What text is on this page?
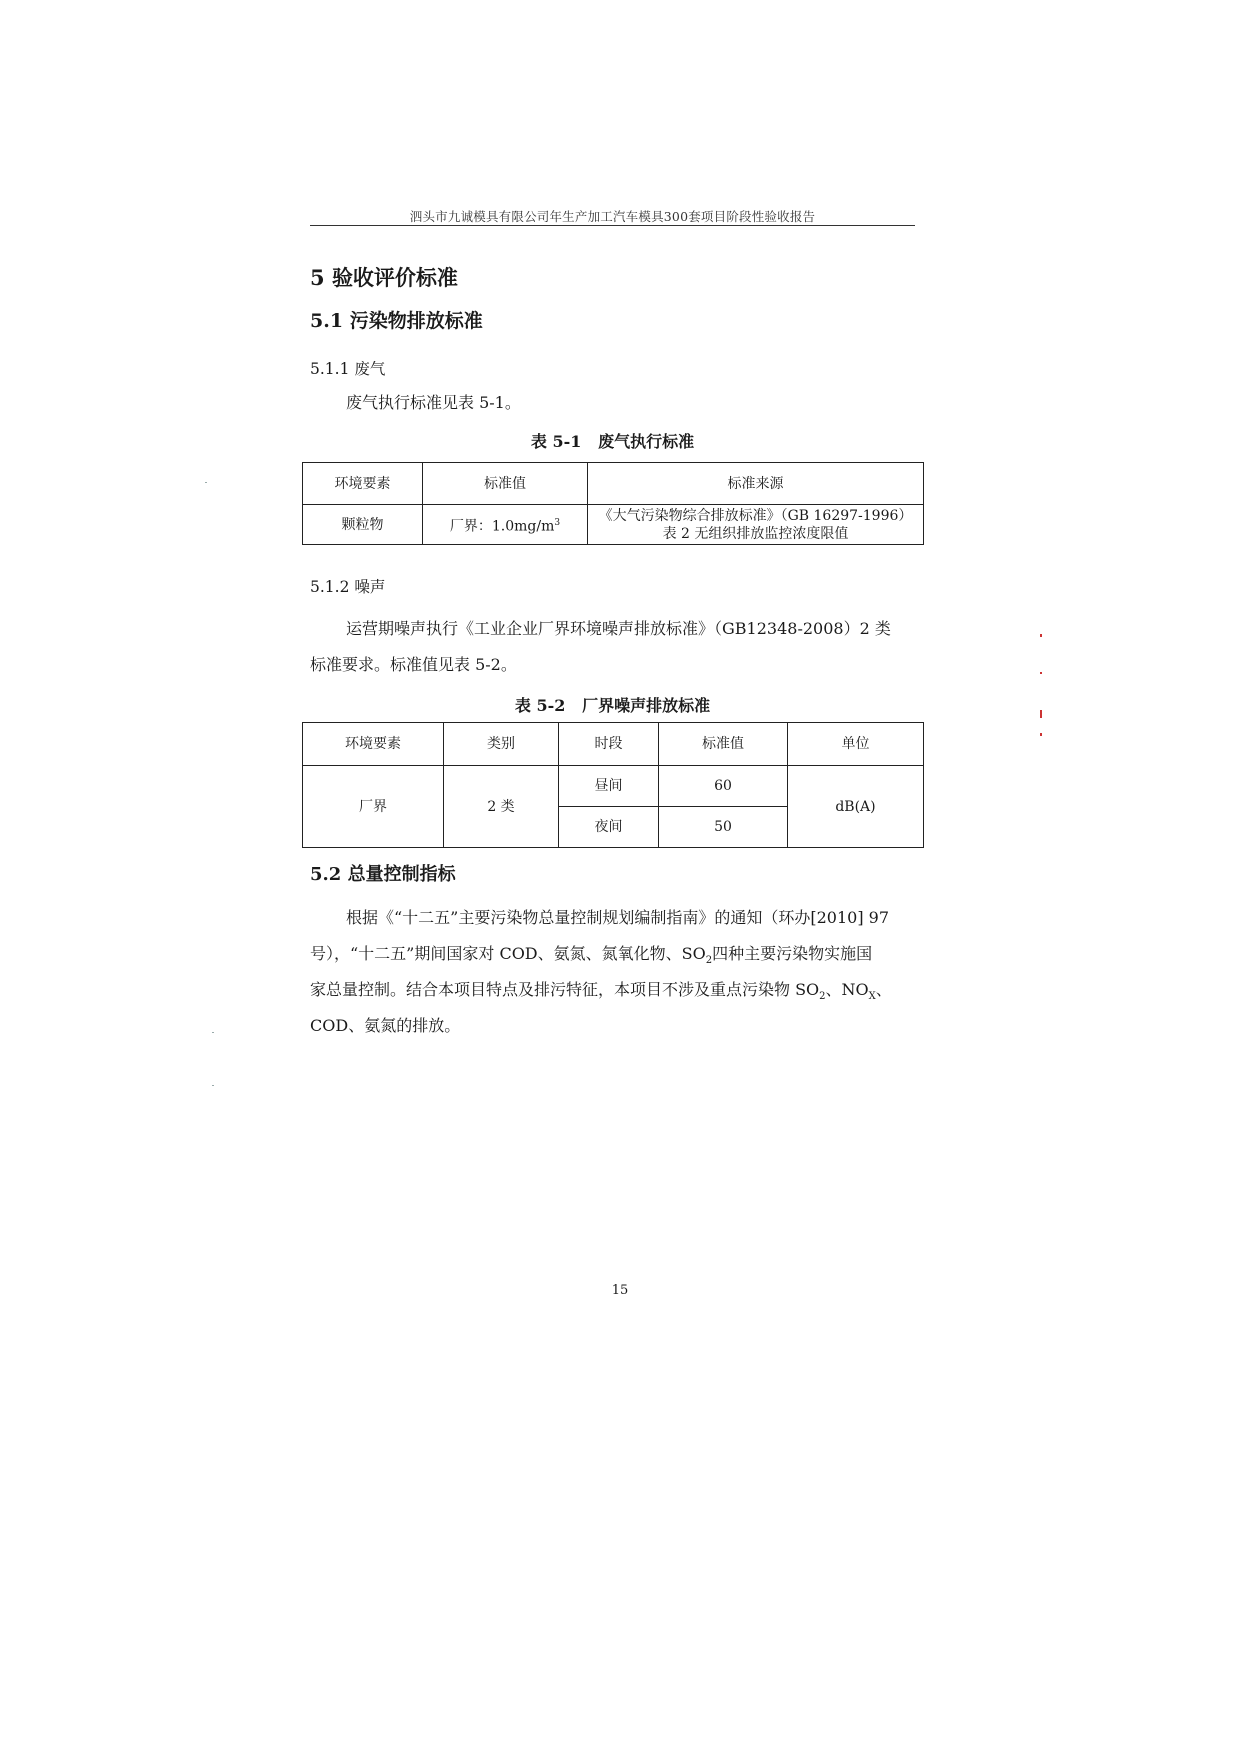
泗头市九诚模具有限公司年生产加工汽车模具300套项目阶段性验收报告
5 验收评价标准
5.1 污染物排放标准
5.1.1 废气
废气执行标准见表 5-1。
表 5-1 废气执行标准
环境要素	标准值	标准来源
颗粒物	厂界：$1.0mg/m^3$	《大气污染物综合排放标准》（GB 16297-1996）
表 2 无组织排放监控浓度限值
5.1.2 噪声
运营期噪声执行《工业企业厂界环境噪声排放标准》（GB12348-2008）2 类
标准要求。标准值见表 5-2。
表 5-2 厂界噪声排放标准
环境要素	类别	时段	标准值	单位
厂界	2 类	昼间	60	dB(A)
		夜间	50	
5.2 总量控制指标
根据《“十二五”主要污染物总量控制规划编制指南》的通知（环办[2010] 97
号），“十二五”期间国家对 COD、氨氮、氮氧化物、$SO_2$四种主要污染物实施国
家总量控制。结合本项目特点及排污特征，本项目不涉及重点污染物 $SO_2$、$NO_X$、
COD、氨氮的排放。
15
